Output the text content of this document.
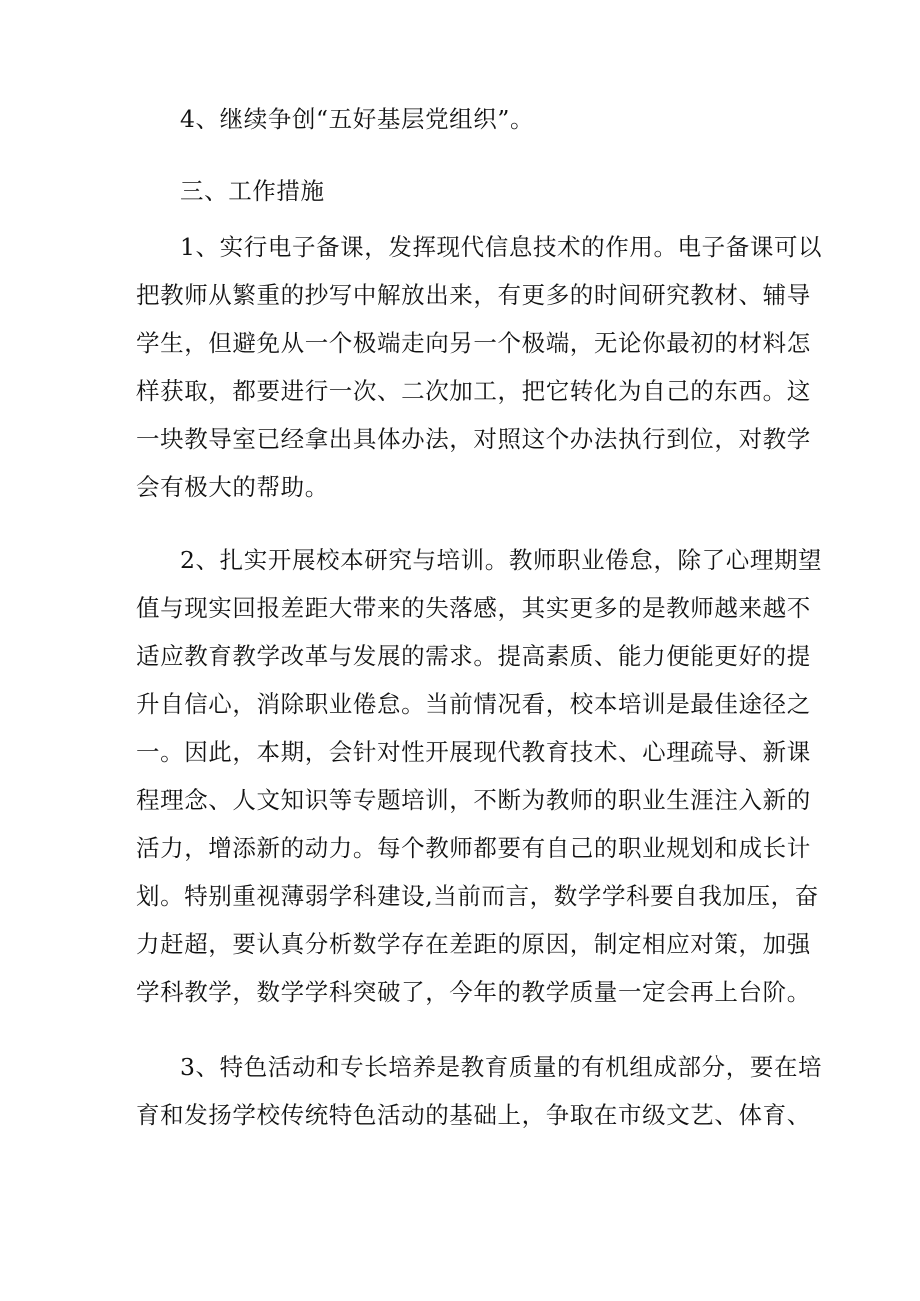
4、继续争创“五好基层党组织”。
三、工作措施
1、实行电子备课，发挥现代信息技术的作用。电子备课可以
把教师从繁重的抄写中解放出来，有更多的时间研究教材、辅导
学生，但避免从一个极端走向另一个极端，无论你最初的材料怎
样获取，都要进行一次、二次加工，把它转化为自己的东西。这
一块教导室已经拿出具体办法，对照这个办法执行到位，对教学
会有极大的帮助。
2、扎实开展校本研究与培训。教师职业倦怠，除了心理期望
值与现实回报差距大带来的失落感，其实更多的是教师越来越不
适应教育教学改革与发展的需求。提高素质、能力便能更好的提
升自信心，消除职业倦怠。当前情况看，校本培训是最佳途径之
一。因此，本期，会针对性开展现代教育技术、心理疏导、新课
程理念、人文知识等专题培训，不断为教师的职业生涯注入新的
活力，增添新的动力。每个教师都要有自己的职业规划和成长计
划。特别重视薄弱学科建设,当前而言，数学学科要自我加压，奋
力赶超，要认真分析数学存在差距的原因，制定相应对策，加强
学科教学，数学学科突破了，今年的教学质量一定会再上台阶。
3、特色活动和专长培养是教育质量的有机组成部分，要在培
育和发扬学校传统特色活动的基础上，争取在市级文艺、体育、
